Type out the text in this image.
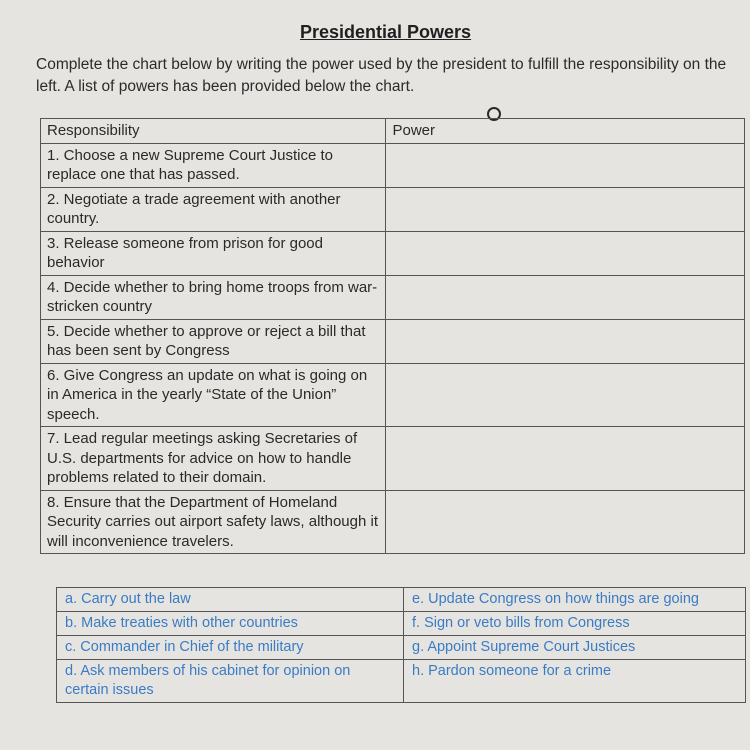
Presidential Powers
Complete the chart below by writing the power used by the president to fulfill the responsibility on the left. A list of powers has been provided below the chart.
Responsibility	Power
1. Choose a new Supreme Court Justice to replace one that has passed.	
2. Negotiate a trade agreement with another country.	
3. Release someone from prison for good behavior	
4. Decide whether to bring home troops from war-stricken country	
5. Decide whether to approve or reject a bill that has been sent by Congress	
6. Give Congress an update on what is going on in America in the yearly “State of the Union” speech.	
7. Lead regular meetings asking Secretaries of U.S. departments for advice on how to handle problems related to their domain.	
8. Ensure that the Department of Homeland Security carries out airport safety laws, although it will inconvenience travelers.	
a. Carry out the law	e. Update Congress on how things are going
b. Make treaties with other countries	f. Sign or veto bills from Congress
c. Commander in Chief of the military	g. Appoint Supreme Court Justices
d. Ask members of his cabinet for opinion on certain issues	h. Pardon someone for a crime
